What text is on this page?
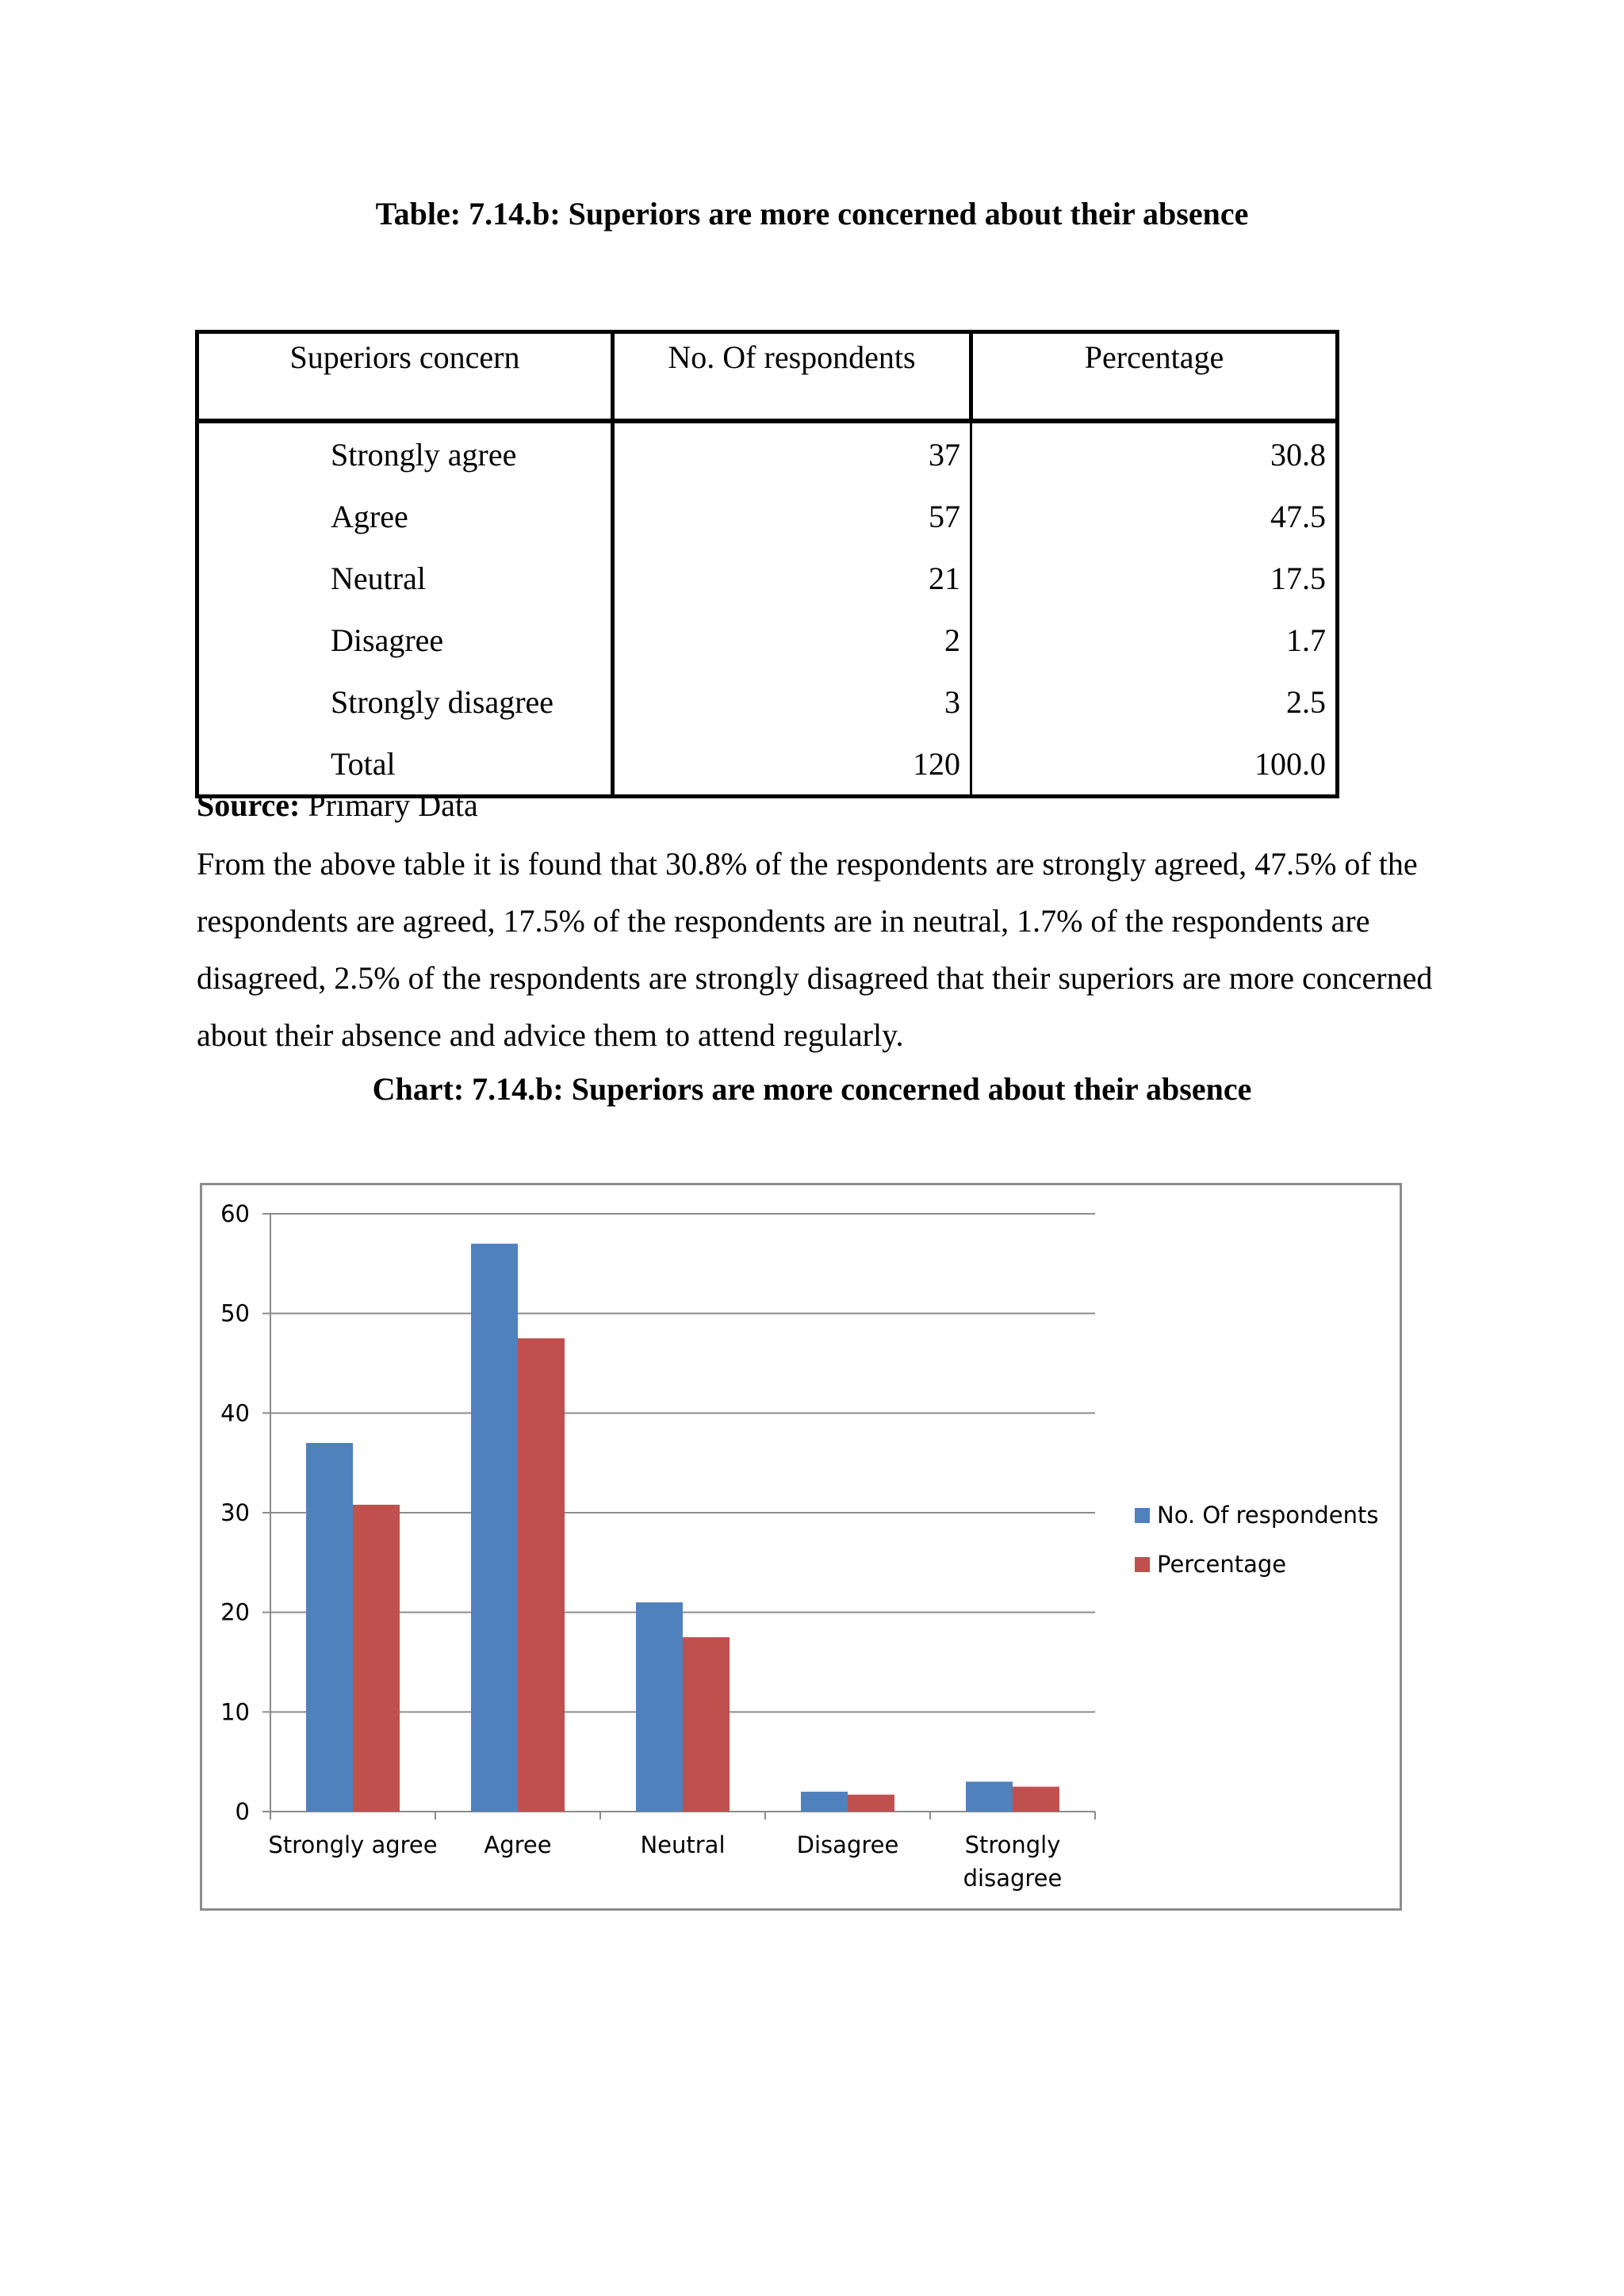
Table: 7.14.b: Superiors are more concerned about their absence
Superiors concern	No. Of respondents	Percentage
Strongly agree	37	30.8
Agree	57	47.5
Neutral	21	17.5
Disagree	2	1.7
Strongly disagree	3	2.5
Total	120	100.0
Source: Primary Data
From the above table it is found that 30.8% of the respondents are strongly agreed, 47.5% of the respondents are agreed, 17.5% of the respondents are in neutral, 1.7% of the respondents are disagreed, 2.5% of the respondents are strongly disagreed that their superiors are more concerned about their absence and advice them to attend regularly.
Chart: 7.14.b: Superiors are more concerned about their absence
0
10
20
30
40
50
60
Strongly agree Agree	Neutral	Disagree	Strongly
disagree
No. Of respondents
Percentage
